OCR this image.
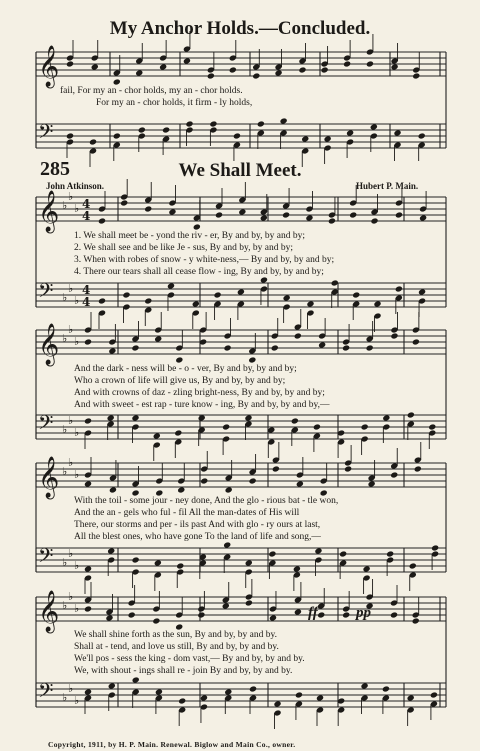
𝄞
𝄢
𝄞 ♭
♭
♭ 4
4
𝄢 ♭
♭
♭
4
4
𝄞 ♭
♭
♭
𝄢 ♭
♭
♭
𝄞 ♭
♭
♭
𝄢 ♭
♭
♭
𝄞 ♭
♭
♭
𝄢 ♭
♭
♭
My Anchor Holds.—Concluded.
fail, For my an - chor holds, my an - chor holds.
For my an - chor holds, it firm - ly holds,
285	We Shall Meet.
John Atkinson.	Hubert P. Main.
1. We shall meet be - yond the riv - er, By and by, by and by;
2. We shall see and be like Je - sus, By and by, by and by;
3. When with robes of snow - y white-ness,— By and by, by and by;
4. There our tears shall all cease flow - ing, By and by, by and by;
And the dark - ness will be - o - ver, By and by, by and by;
Who a crown of life will give us, By and by, by and by;
And with crowns of daz - zling bright-ness, By and by, by and by;
And with sweet - est rap - ture know - ing, By and by, by and by,—
With the toil - some jour - ney done, And the glo - rious bat - tle won,
And the an - gels who ful - fil All the man-dates of His will
There, our storms and per - ils past And with glo - ry ours at last,
All the blest ones, who have gone To the land of life and song,—
We shall shine forth as the sun, By and by, by and by.
Shall at - tend, and love us still, By and by, by and by.
We'll pos - sess the king - dom vast,— By and by, by and by.
We, with shout - ings shall re - join By and by, by and by.
ff	pp
Copyright, 1911, by H. P. Main. Renewal. Biglow and Main Co., owner.
